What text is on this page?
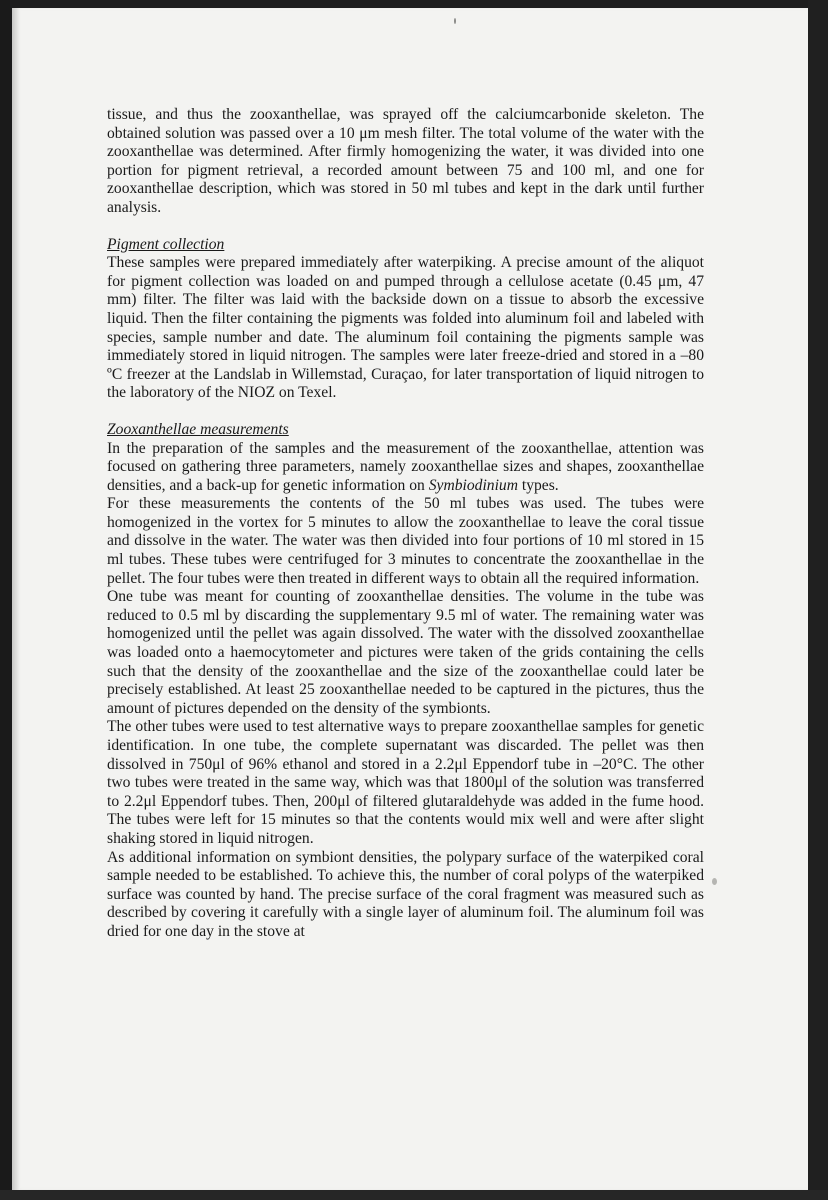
tissue, and thus the zooxanthellae, was sprayed off the calciumcarbonide skeleton. The obtained solution was passed over a 10 μm mesh filter. The total volume of the water with the zooxanthellae was determined. After firmly homogenizing the water, it was divided into one portion for pigment retrieval, a recorded amount between 75 and 100 ml, and one for zooxanthellae description, which was stored in 50 ml tubes and kept in the dark until further analysis.

Pigment collection

These samples were prepared immediately after waterpiking. A precise amount of the aliquot for pigment collection was loaded on and pumped through a cellulose acetate (0.45 μm, 47 mm) filter. The filter was laid with the backside down on a tissue to absorb the excessive liquid. Then the filter containing the pigments was folded into aluminum foil and labeled with species, sample number and date. The aluminum foil containing the pigments sample was immediately stored in liquid nitrogen. The samples were later freeze-dried and stored in a –80 ºC freezer at the Landslab in Willemstad, Curaçao, for later transportation of liquid nitrogen to the laboratory of the NIOZ on Texel.

Zooxanthellae measurements

In the preparation of the samples and the measurement of the zooxanthellae, attention was focused on gathering three parameters, namely zooxanthellae sizes and shapes, zooxanthellae densities, and a back-up for genetic information on Symbiodinium types.

For these measurements the contents of the 50 ml tubes was used. The tubes were homogenized in the vortex for 5 minutes to allow the zooxanthellae to leave the coral tissue and dissolve in the water. The water was then divided into four portions of 10 ml stored in 15 ml tubes. These tubes were centrifuged for 3 minutes to concentrate the zooxanthellae in the pellet. The four tubes were then treated in different ways to obtain all the required information.

One tube was meant for counting of zooxanthellae densities. The volume in the tube was reduced to 0.5 ml by discarding the supplementary 9.5 ml of water. The remaining water was homogenized until the pellet was again dissolved. The water with the dissolved zooxanthellae was loaded onto a haemocytometer and pictures were taken of the grids containing the cells such that the density of the zooxanthellae and the size of the zooxanthellae could later be precisely established. At least 25 zooxanthellae needed to be captured in the pictures, thus the amount of pictures depended on the density of the symbionts.

The other tubes were used to test alternative ways to prepare zooxanthellae samples for genetic identification. In one tube, the complete supernatant was discarded. The pellet was then dissolved in 750μl of 96% ethanol and stored in a 2.2μl Eppendorf tube in –20°C. The other two tubes were treated in the same way, which was that 1800μl of the solution was transferred to 2.2μl Eppendorf tubes. Then, 200μl of filtered glutaraldehyde was added in the fume hood. The tubes were left for 15 minutes so that the contents would mix well and were after slight shaking stored in liquid nitrogen.

As additional information on symbiont densities, the polypary surface of the waterpiked coral sample needed to be established. To achieve this, the number of coral polyps of the waterpiked surface was counted by hand. The precise surface of the coral fragment was measured such as described by covering it carefully with a single layer of aluminum foil. The aluminum foil was dried for one day in the stove at
